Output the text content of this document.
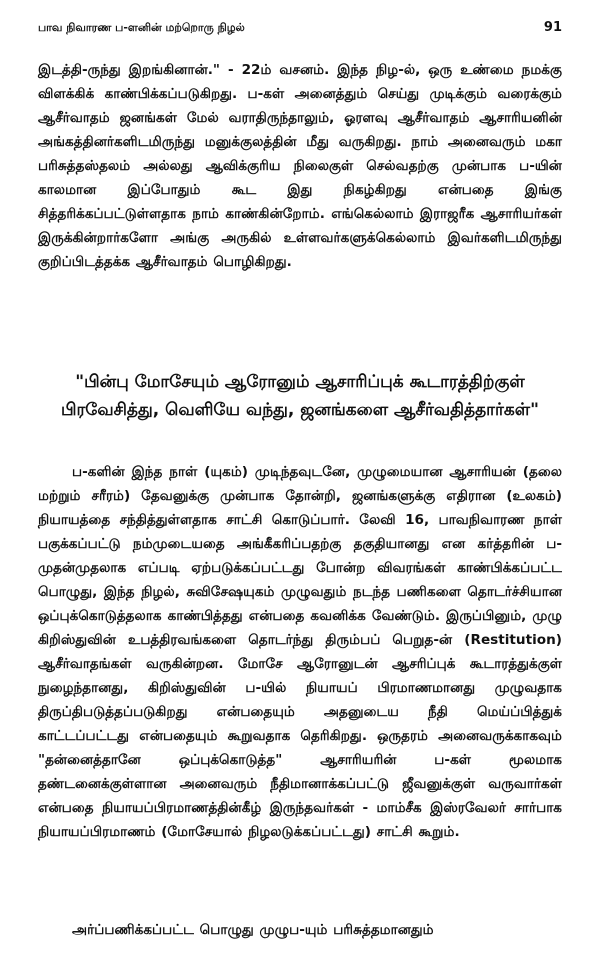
பாவ நிவாரண ப-ளனின் மற்றொரு நிழல்	91

இடத்தி-ருந்து இறங்கினான்." - 22ம் வசனம். இந்த நிழ-ல், ஒரு உண்மை நமக்கு விளக்கிக் காண்பிக்கப்படுகிறது. ப-கள் அனைத்தும் செய்து முடிக்கும் வரைக்கும் ஆசீர்வாதம் ஜனங்கள் மேல் வராதிருந்தாலும், ஓரளவு ஆசீர்வாதம் ஆசாரியனின் அங்கத்தினர்களிடமிருந்து மனுக்குலத்தின் மீது வருகிறது. நாம் அனைவரும் மகா பரிசுத்தஸ்தலம் அல்லது ஆவிக்குரிய நிலைகுள் செல்வதற்கு முன்பாக ப-யின் காலமான இப்போதும் கூட இது நிகழ்கிறது என்பதை இங்கு சித்தரிக்கப்பட்டுள்ளதாக நாம் காண்கின்றோம். எங்கெல்லாம் இராஜரீக ஆசாரியர்கள் இருக்கின்றார்களோ அங்கு அருகில் உள்ளவர்களுக்கெல்லாம் இவர்களிடமிருந்து குறிப்பிடத்தக்க ஆசீர்வாதம் பொழிகிறது.

"பின்பு மோசேயும் ஆரோனும் ஆசாரிப்புக் கூடாரத்திற்குள் பிரவேசித்து, வெளியே வந்து, ஜனங்களை ஆசீர்வதித்தார்கள்"

ப-களின் இந்த நாள் (யுகம்) முடிந்தவுடனே, முழுமையான ஆசாரியன் (தலை மற்றும் சரீரம்) தேவனுக்கு முன்பாக தோன்றி, ஜனங்களுக்கு எதிரான (உலகம்) நியாயத்தை சந்தித்துள்ளதாக சாட்சி கொடுப்பார். லேவி 16, பாவநிவாரண நாள் பகுக்கப்பட்டு நம்முடையதை அங்கீகரிப்பதற்கு தகுதியானது என கர்த்தரின் ப- முதன்முதலாக எப்படி ஏற்படுக்கப்பட்டது போன்ற விவரங்கள் காண்பிக்கப்பட்ட பொழுது, இந்த நிழல், சுவிசேஷயுகம் முழுவதும் நடந்த பணிகளை தொடர்ச்சியான ஒப்புக்கொடுத்தலாக காண்பித்தது என்பதை கவனிக்க வேண்டும். இருப்பினும், முழு கிறிஸ்துவின் உபத்திரவங்களை தொடர்ந்து திரும்பப் பெறுத-ன் (Restitution) ஆசீர்வாதங்கள் வருகின்றன. மோசே ஆரோனுடன் ஆசரிப்புக் கூடாரத்துக்குள் நுழைந்தானது, கிறிஸ்துவின் ப-யில் நியாயப் பிரமாணமானது முழுவதாக திருப்திபடுத்தப்படுகிறது என்பதையும் அதனுடைய நீதி மெய்ப்பித்துக் காட்டப்பட்டது என்பதையும் கூறுவதாக தெரிகிறது. ஒருதரம் அனைவருக்காகவும் "தன்னைத்தானே ஒப்புக்கொடுத்த" ஆசாரியரின் ப-கள் மூலமாக தண்டனைக்குள்ளான அனைவரும் நீதிமானாக்கப்பட்டு ஜீவனுக்குள் வருவார்கள் என்பதை நியாயப்பிரமாணத்தின்கீழ் இருந்தவர்கள் - மாம்சீக இஸ்ரவேலர் சார்பாக நியாயப்பிரமாணம் (மோசேயால் நிழலடுக்கப்பட்டது) சாட்சி கூறும்.

அர்ப்பணிக்கப்பட்ட பொழுது முழுப-யும் பரிசுத்தமானதும்
